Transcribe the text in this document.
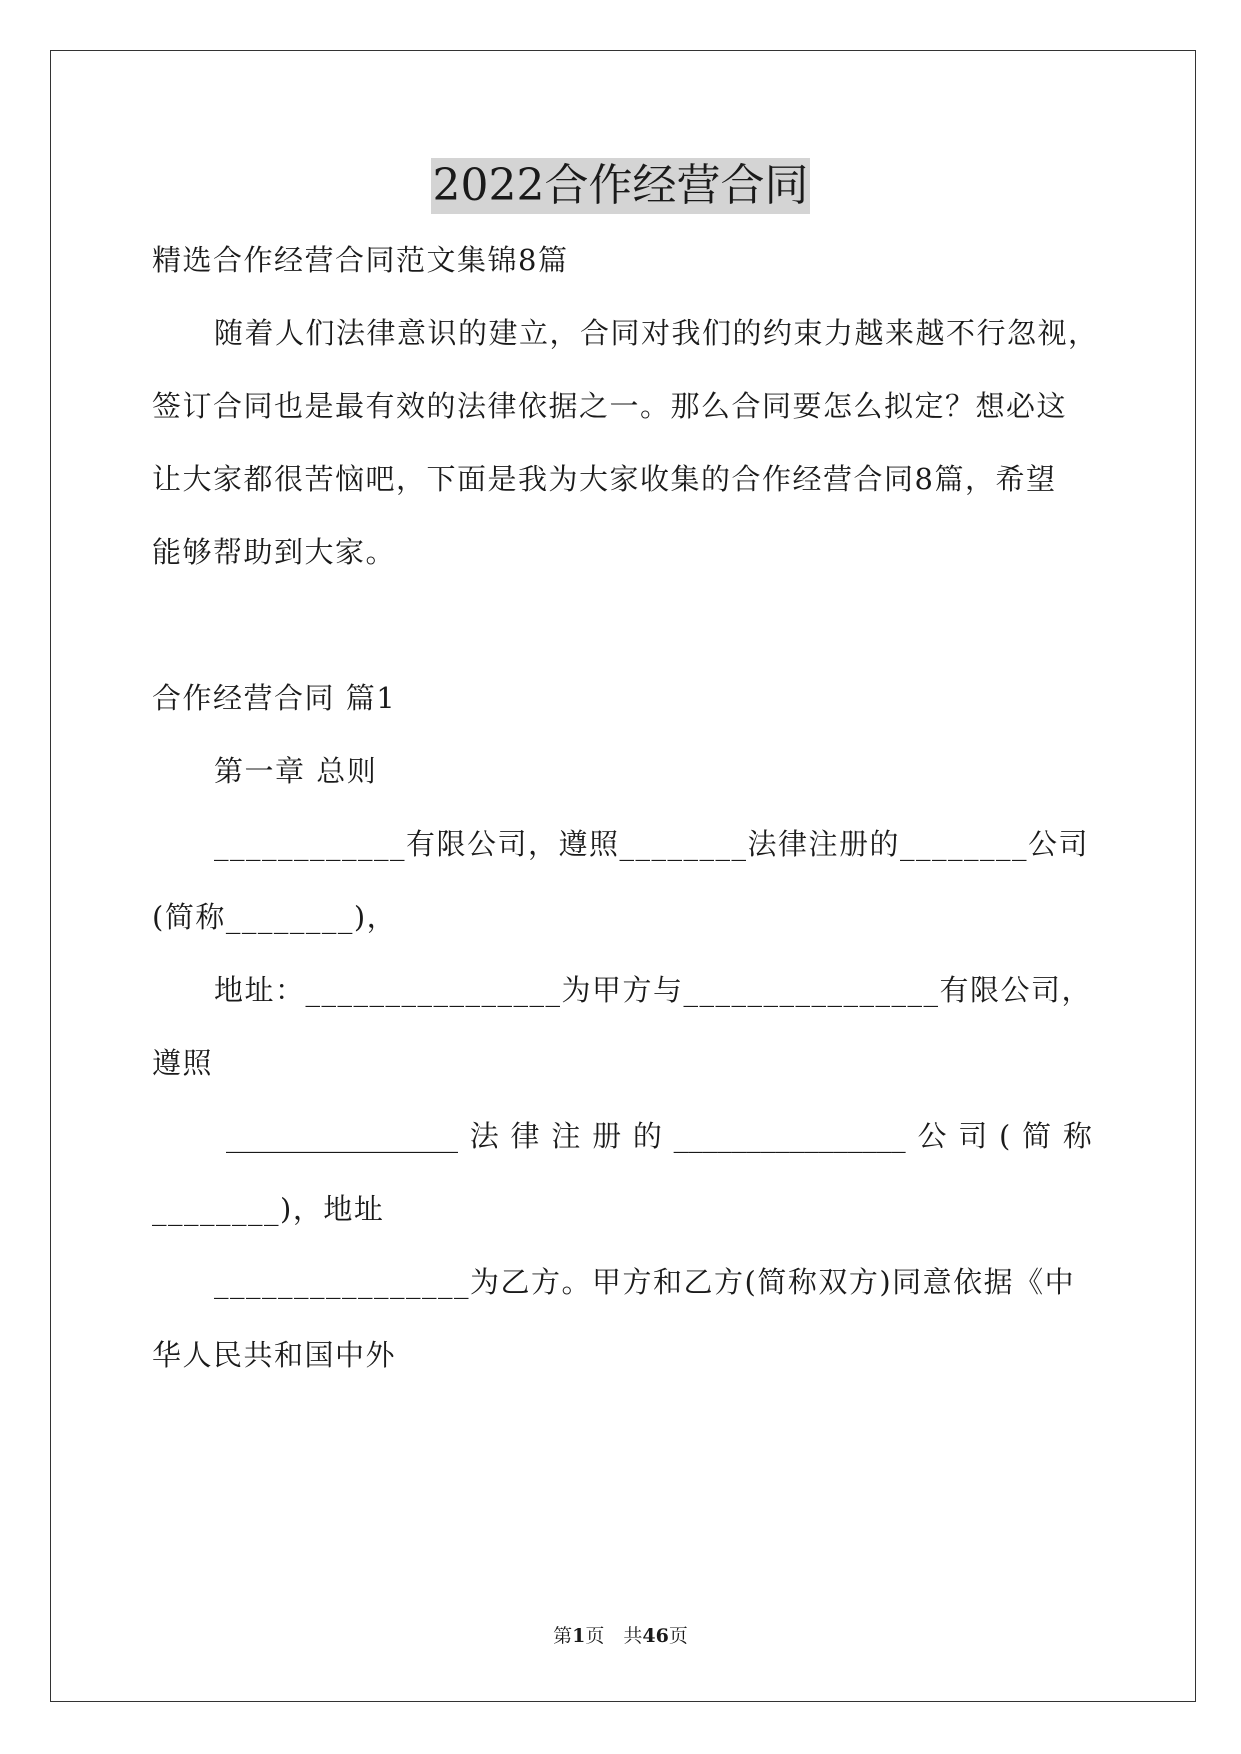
2022合作经营合同

精选合作经营合同范文集锦8篇

随着人们法律意识的建立，合同对我们的约束力越来越不行忽视，

签订合同也是最有效的法律依据之一。那么合同要怎么拟定？想必这

让大家都很苦恼吧，下面是我为大家收集的合作经营合同8篇，希望

能够帮助到大家。

合作经营合同 篇1

第一章 总则

____________有限公司，遵照________法律注册的________公司

(简称________)，

地址：________________为甲方与________________有限公司，

遵照

________________ 法 律 注 册 的 ________________ 公 司 ( 简 称

________)，地址

________________为乙方。甲方和乙方(简称双方)同意依据《中

华人民共和国中外

第1页　共46页
